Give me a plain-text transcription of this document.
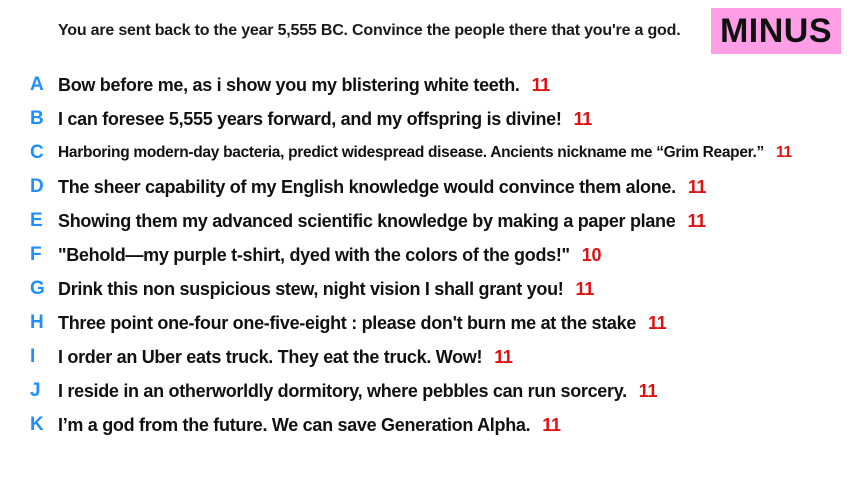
You are sent back to the year 5,555 BC. Convince the people there that you're a god. MINUS
A Bow before me, as i show you my blistering white teeth. 11
B I can foresee 5,555 years forward, and my offspring is divine! 11
C Harboring modern-day bacteria, predict widespread disease. Ancients nickname me “Grim Reaper.” 11
D The sheer capability of my English knowledge would convince them alone. 11
E Showing them my advanced scientific knowledge by making a paper plane 11
F "Behold—my purple t-shirt, dyed with the colors of the gods!" 10
G Drink this non suspicious stew, night vision I shall grant you! 11
H Three point one-four one-five-eight : please don't burn me at the stake 11
I	I order an Uber eats truck. They eat the truck. Wow! 11
J I reside in an otherworldly dormitory, where pebbles can run sorcery. 11
K I’m a god from the future. We can save Generation Alpha. 11
